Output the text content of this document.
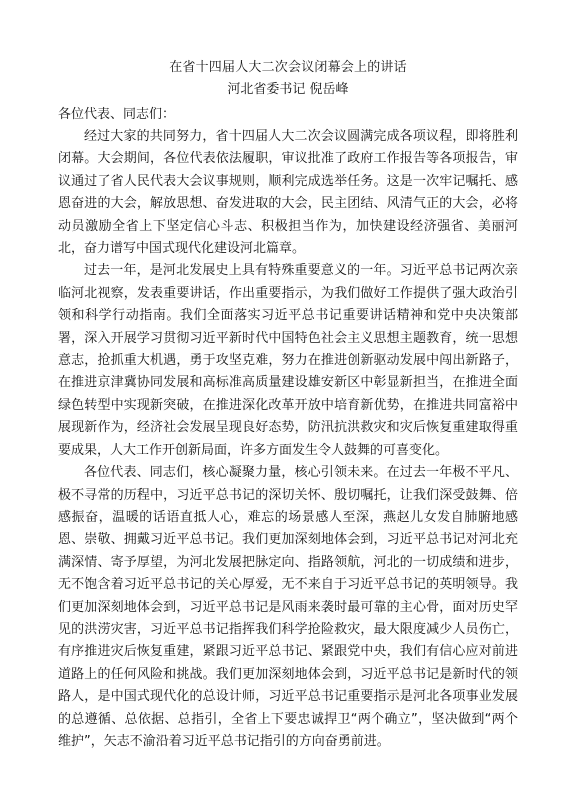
在省十四届人大二次会议闭幕会上的讲话
河北省委书记 倪岳峰

各位代表、同志们：

经过大家的共同努力，省十四届人大二次会议圆满完成各项议程，即将胜利闭幕。大会期间，各位代表依法履职，审议批准了政府工作报告等各项报告，审议通过了省人民代表大会议事规则，顺利完成选举任务。这是一次牢记嘱托、感恩奋进的大会，解放思想、奋发进取的大会，民主团结、风清气正的大会，必将动员激励全省上下坚定信心斗志、积极担当作为，加快建设经济强省、美丽河北，奋力谱写中国式现代化建设河北篇章。

过去一年，是河北发展史上具有特殊重要意义的一年。习近平总书记两次亲临河北视察，发表重要讲话，作出重要指示，为我们做好工作提供了强大政治引领和科学行动指南。我们全面落实习近平总书记重要讲话精神和党中央决策部署，深入开展学习贯彻习近平新时代中国特色社会主义思想主题教育，统一思想意志，抢抓重大机遇，勇于攻坚克难，努力在推进创新驱动发展中闯出新路子，在推进京津冀协同发展和高标准高质量建设雄安新区中彰显新担当，在推进全面绿色转型中实现新突破，在推进深化改革开放中培育新优势，在推进共同富裕中展现新作为，经济社会发展呈现良好态势，防汛抗洪救灾和灾后恢复重建取得重要成果，人大工作开创新局面，许多方面发生令人鼓舞的可喜变化。

各位代表、同志们，核心凝聚力量，核心引领未来。在过去一年极不平凡、极不寻常的历程中，习近平总书记的深切关怀、殷切嘱托，让我们深受鼓舞、倍感振奋，温暖的话语直抵人心，难忘的场景感人至深，燕赵儿女发自肺腑地感恩、崇敬、拥戴习近平总书记。我们更加深刻地体会到，习近平总书记对河北充满深情、寄予厚望，为河北发展把脉定向、指路领航，河北的一切成绩和进步，无不饱含着习近平总书记的关心厚爱，无不来自于习近平总书记的英明领导。我们更加深刻地体会到，习近平总书记是风雨来袭时最可靠的主心骨，面对历史罕见的洪涝灾害，习近平总书记指挥我们科学抢险救灾，最大限度减少人员伤亡，有序推进灾后恢复重建，紧跟习近平总书记、紧跟党中央，我们有信心应对前进道路上的任何风险和挑战。我们更加深刻地体会到，习近平总书记是新时代的领路人，是中国式现代化的总设计师，习近平总书记重要指示是河北各项事业发展的总遵循、总依据、总指引，全省上下要忠诚捍卫“两个确立”，坚决做到“两个维护”，矢志不渝沿着习近平总书记指引的方向奋勇前进。
